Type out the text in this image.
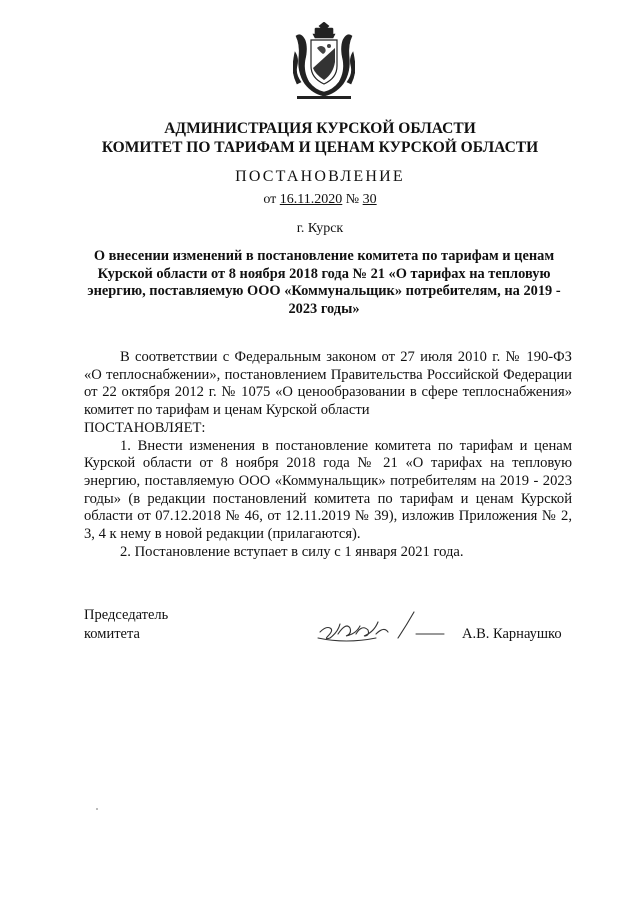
АДМИНИСТРАЦИЯ КУРСКОЙ ОБЛАСТИ
КОМИТЕТ ПО ТАРИФАМ И ЦЕНАМ КУРСКОЙ ОБЛАСТИ
ПОСТАНОВЛЕНИЕ
от 16.11.2020 № 30
г. Курск
О внесении изменений в постановление комитета по тарифам и ценам Курской области от 8 ноября 2018 года № 21 «О тарифах на тепловую энергию, поставляемую ООО «Коммунальщик» потребителям, на 2019 - 2023 годы»

В соответствии с Федеральным законом от 27 июля 2010 г. № 190-ФЗ «О теплоснабжении», постановлением Правительства Российской Федерации от 22 октября 2012 г. № 1075 «О ценообразовании в сфере теплоснабжения» комитет по тарифам и ценам Курской области

ПОСТАНОВЛЯЕТ:

1. Внести изменения в постановление комитета по тарифам и ценам Курской области от 8 ноября 2018 года № 21 «О тарифах на тепловую энергию, поставляемую ООО «Коммунальщик» потребителям на 2019 - 2023 годы» (в редакции постановлений комитета по тарифам и ценам Курской области от 07.12.2018 № 46, от 12.11.2019 № 39), изложив Приложения № 2, 3, 4 к нему в новой редакции (прилагаются).

2. Постановление вступает в силу с 1 января 2021 года.

Председатель
комитета	А.В. Карнаушко
